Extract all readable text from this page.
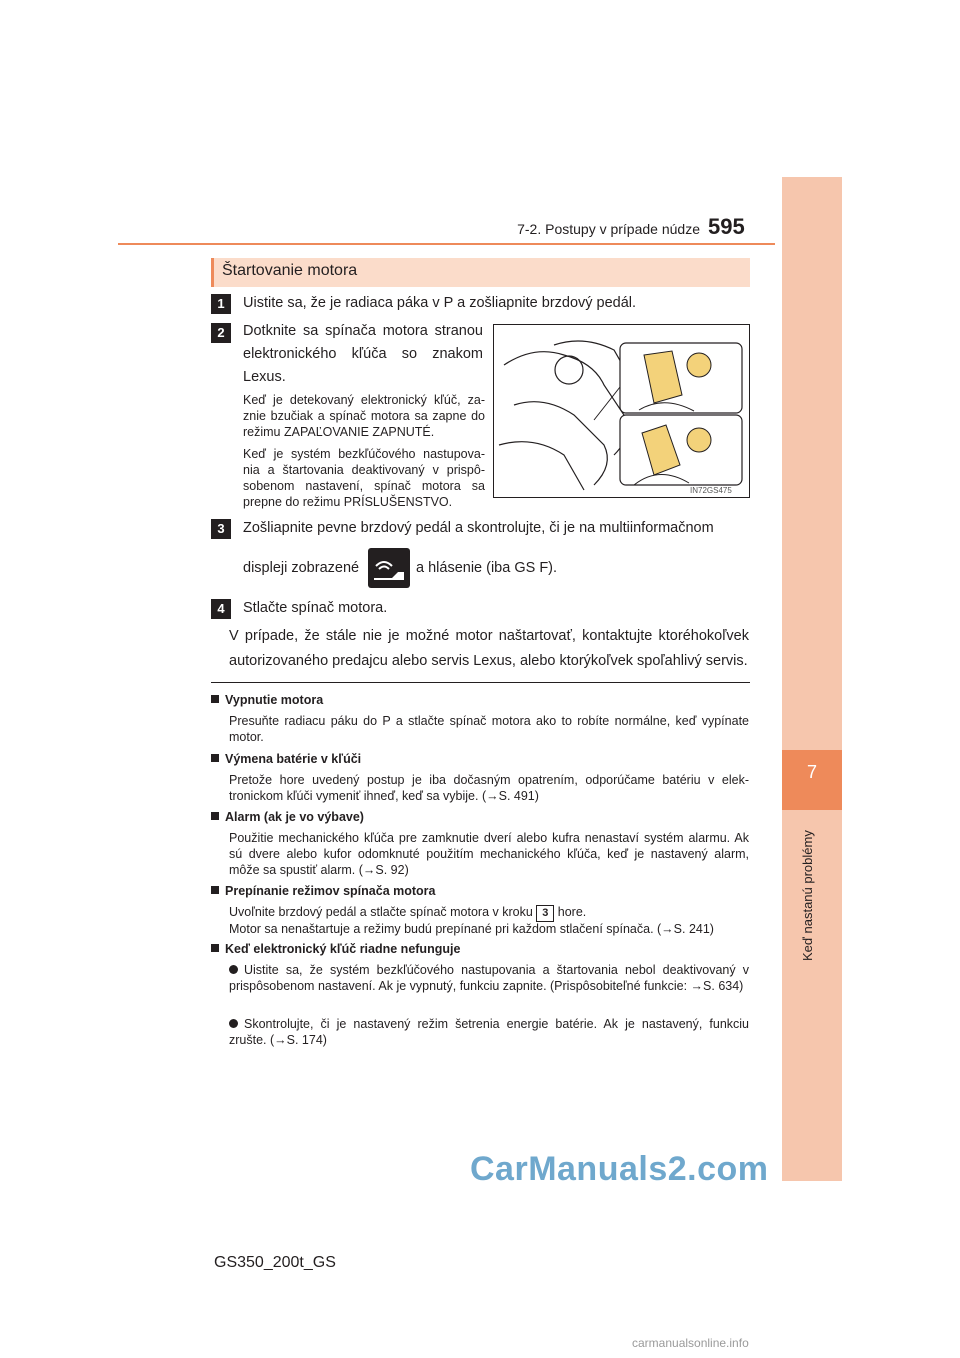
7
Keď nastanú problémy
7-2. Postupy v prípade núdze 595
Štartovanie motora
1	Uistite sa, že je radiaca páka v P a zošliapnite brzdový pedál.
2	Dotknite sa spínača motora stranou elektronického kľúča so znakom Lexus.
Keď je detekovaný elektronický kľúč, za-znie bzučiak a spínač motora sa zapne do režimu ZAPAĽOVANIE ZAPNUTÉ.
Keď je systém bezkľúčového nastupova-nia a štartovania deaktivovaný v prispô-sobenom nastavení, spínač motora sa prepne do režimu PRÍSLUŠENSTVO.
IN72GS475
3	Zošliapnite pevne brzdový pedál a skontrolujte, či je na multiinformačnom
displeji zobrazené	a hlásenie (iba GS F).
4	Stlačte spínač motora.
V prípade, že stále nie je možné motor naštartovať, kontaktujte ktoréhokoľvek autorizovaného predajcu alebo servis Lexus, alebo ktorýkoľvek spoľahlivý servis.
Vypnutie motora
Presuňte radiacu páku do P a stlačte spínač motora ako to robíte normálne, keď vypínate motor.
Výmena batérie v kľúči
Pretože hore uvedený postup je iba dočasným opatrením, odporúčame batériu v elek-tronickom kľúči vymeniť ihneď, keď sa vybije. (→S. 491)
Alarm (ak je vo výbave)
Použitie mechanického kľúča pre zamknutie dverí alebo kufra nenastaví systém alarmu. Ak sú dvere alebo kufor odomknuté použitím mechanického kľúča, keď je nastavený alarm, môže sa spustiť alarm. (→S. 92)
Prepínanie režimov spínača motora
Uvoľnite brzdový pedál a stlačte spínač motora v kroku 3 hore.
Motor sa nenaštartuje a režimy budú prepínané pri každom stlačení spínača. (→S. 241)
Keď elektronický kľúč riadne nefunguje
Uistite sa, že systém bezkľúčového nastupovania a štartovania nebol deaktivovaný v prispôsobenom nastavení. Ak je vypnutý, funkciu zapnite. (Prispôsobiteľné funkcie: →S. 634)
Skontrolujte, či je nastavený režim šetrenia energie batérie. Ak je nastavený, funkciu zrušte. (→S. 174)
CarManuals2.com
GS350_200t_GS
carmanualsonline.info
